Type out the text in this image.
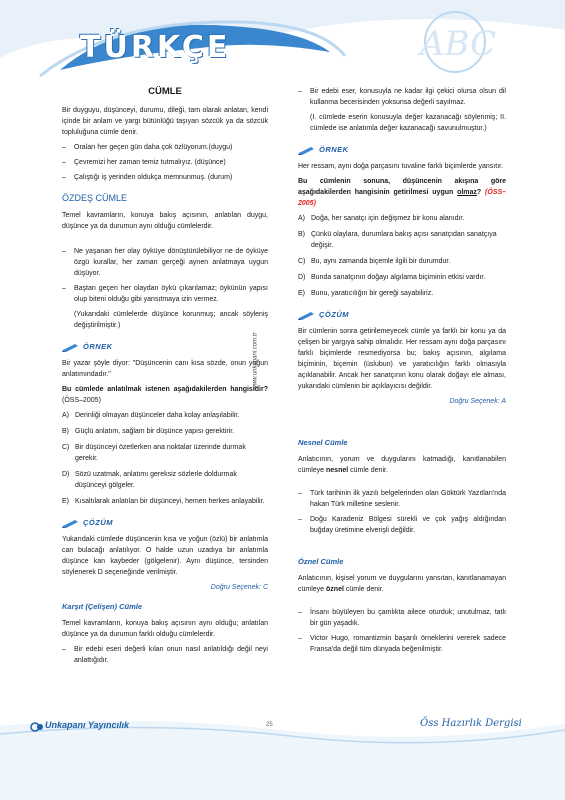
ABC
TÜRKÇE
CÜMLE

Bir duyguyu, düşünceyi, durumu, dileği, tam olarak anlatan, kendi içinde bir anlam ve yargı bütünlüğü taşıyan sözcük ya da sözcük topluluğuna cümle denir.

–	Oraları her geçen gün daha çok özlüyorum.(duygu)
–	Çevremizi her zaman temiz tutmalıyız. (düşünce)
–	Çalıştığı iş yerinden oldukça memnunmuş. (durum)
ÖZDEŞ CÜMLE

Temel kavramların, konuya bakış açısının, anlatılan duygu, düşünce ya da durumun aynı olduğu cümlelerdir.

–	Ne yaşanan her olay öyküye dönüştürülebiliyor ne de öyküye özgü kurallar, her zaman gerçeği aynen anlatmaya uygun düşüyor.
–	Baştan geçen her olaydan öykü çıkarılamaz; öykünün yapısı olup biteni olduğu gibi yansıtmaya izin vermez.

(Yukarıdaki cümlelerde düşünce korunmuş; ancak söyleniş değiştirilmiştir.)

ÖRNEK

Bir yazar şöyle diyor: "Düşüncenin canı kısa sözde, onun yoğun anlatımındadır."

Bu cümlede anlatılmak istenen aşağıdakilerden hangisidir? (ÖSS–2005)

A) Derinliği olmayan düşünceler daha kolay anlaşılabilir.
B) Güçlü anlatım, sağlam bir düşünce yapısı gerektirir.
C) Bir düşünceyi özetlerken ana noktalar üzerinde durmak gerekir.
D) Sözü uzatmak, anlatımı gereksiz sözlerle doldurmak düşünceyi gölgeler.
E) Kısaltılarak anlatılan bir düşünceyi, hemen herkes anlayabilir.
ÇÖZÜM

Yukarıdaki cümlede düşüncenin kısa ve yoğun (özlü) bir anlatımla can bulacağı anlatılıyor. O halde uzun uzadıya bir anlatımla düşünce kan kaybeder (gölgelenir). Aynı düşünce, tersinden söylenerek D seçeneğinde verilmiştir.

Doğru Seçenek: C
Karşıt (Çelişen) Cümle

Temel kavramların, konuya bakış açısının aynı olduğu; anlatılan düşünce ya da durumun farklı olduğu cümlelerdir.

–	Bir edebi eseri değerli kılan onun nasıl anlatıldığı değil neyi anlattığıdır.
www.unkapani.com.tr
–	Bir edebi eser, konusuyla ne kadar ilgi çekici olursa olsun dil kullanma becerisinden yoksunsa değerli sayılmaz.

(I. cümlede eserin konusuyla değer kazanacağı söylenmiş; II. cümlede ise anlatımla değer kazanacağı savunulmuştur.)

ÖRNEK

Her ressam, aynı doğa parçasını tuvaline farklı biçimlerde yansıtır.

Bu cümlenin sonuna, düşüncenin akışına göre aşağıdakilerden hangisinin getirilmesi uygun olmaz? (ÖSS–2005)

A) Doğa, her sanatçı için değişmez bir konu alanıdır.
B) Çünkü olaylara, durumlara bakış açısı sanatçıdan sanatçıya değişir.
C) Bu, aynı zamanda biçemle ilgili bir durumdur.
D) Bunda sanatçının doğayı algılama biçiminin etkisi vardır.
E) Bunu, yaratıcılığın bir gereği sayabiliriz.
ÇÖZÜM

Bir cümlenin sonra getirilemeyecek cümle ya farklı bir konu ya da çelişen bir yargıya sahip olmalıdır. Her ressam aynı doğa parçasını farklı biçimlerde resmediyorsa bu; bakış açısının, algılama biçiminin, biçemin (üslubun) ve yaratıcılığın farklı olmasıyla açıklanabilir. Ancak her sanatçının konu olarak doğayı ele alması, yukarıdaki cümlenin bir açıklayıcısı değildir.

Doğru Seçenek: A
Nesnel Cümle

Anlatıcının, yorum ve duygularını katmadığı, kanıtlanabilen cümleye nesnel cümle denir.

–	Türk tarihinin ilk yazılı belgelerinden olan Göktürk Yazıtları'nda hakan Türk milletine seslenir.
–	Doğu Karadeniz Bölgesi sürekli ve çok yağış aldığından buğday üretimine elverişli değildir.
Öznel Cümle

Anlatıcının, kişisel yorum ve duygularını yansıtan, kanıtlanamayan cümleye öznel cümle denir.

–	İnsanı büyüleyen bu çamlıkta ailece oturduk; unutulmaz, tatlı bir gün yaşadık.
–	Victor Hugo, romantizmin başarılı örneklerini vererek sadece Fransa'da değil tüm dünyada beğenilmiştir.
Unkapanı Yayıncılık	25	Öss Hazırlık Dergisi
